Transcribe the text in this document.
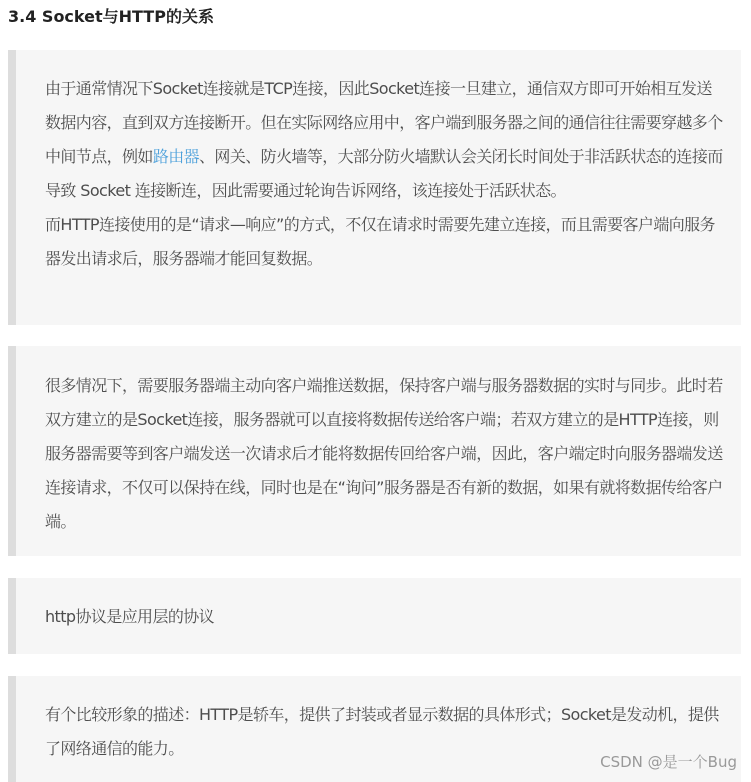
3.4 Socket与HTTP的关系

由于通常情况下Socket连接就是TCP连接，因此Socket连接一旦建立，通信双方即可开始相互发送数据内容，直到双方连接断开。但在实际网络应用中，客户端到服务器之间的通信往往需要穿越多个中间节点，例如路由器、网关、防火墙等，大部分防火墙默认会关闭长时间处于非活跃状态的连接而导致 Socket 连接断连，因此需要通过轮询告诉网络，该连接处于活跃状态。

而HTTP连接使用的是“请求—响应”的方式，不仅在请求时需要先建立连接，而且需要客户端向服务器发出请求后，服务器端才能回复数据。

很多情况下，需要服务器端主动向客户端推送数据，保持客户端与服务器数据的实时与同步。此时若双方建立的是Socket连接，服务器就可以直接将数据传送给客户端；若双方建立的是HTTP连接，则服务器需要等到客户端发送一次请求后才能将数据传回给客户端，因此，客户端定时向服务器端发送连接请求，不仅可以保持在线，同时也是在“询问”服务器是否有新的数据，如果有就将数据传给客户端。

http协议是应用层的协议

有个比较形象的描述：HTTP是轿车，提供了封装或者显示数据的具体形式；Socket是发动机，提供了网络通信的能力。

CSDN @是一个Bug
